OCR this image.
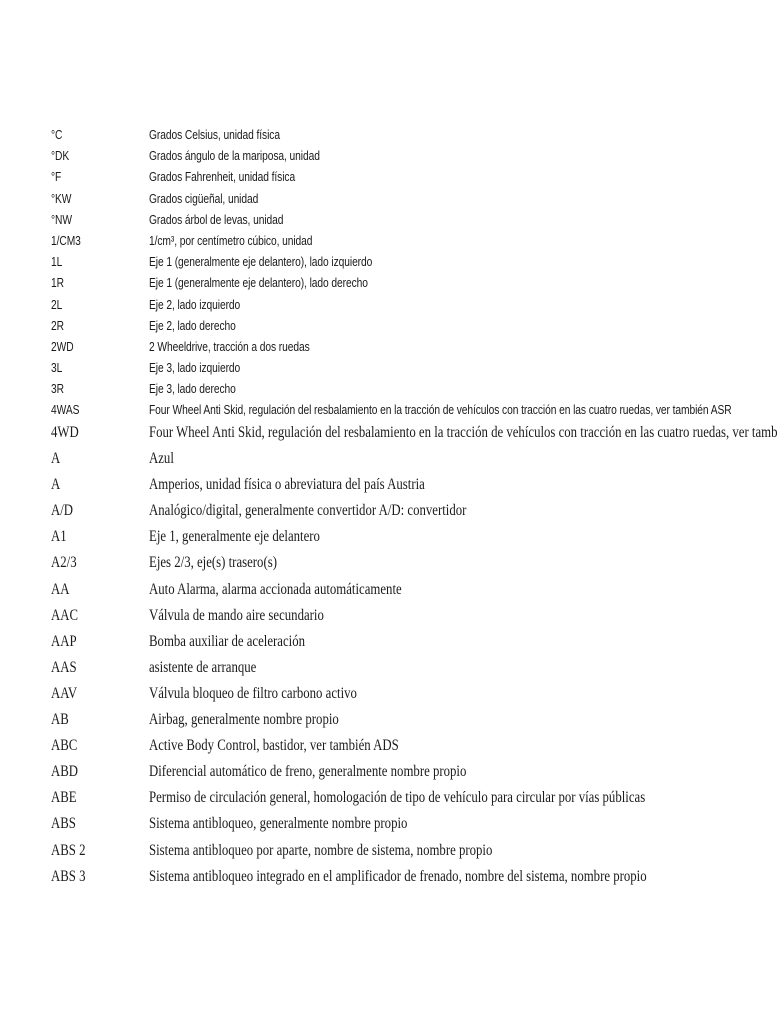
°C	Grados Celsius, unidad física
°DK	Grados ángulo de la mariposa, unidad
°F	Grados Fahrenheit, unidad física
°KW	Grados cigüeñal, unidad
°NW	Grados árbol de levas, unidad
1/CM3	1/cm³, por centímetro cúbico, unidad
1L	Eje 1 (generalmente eje delantero), lado izquierdo
1R	Eje 1 (generalmente eje delantero), lado derecho
2L	Eje 2, lado izquierdo
2R	Eje 2, lado derecho
2WD	2 Wheeldrive, tracción a dos ruedas
3L	Eje 3, lado izquierdo
3R	Eje 3, lado derecho
4WAS	Four Wheel Anti Skid, regulación del resbalamiento en la tracción de vehículos con tracción en las cuatro ruedas, ver también ASR
4WD	Four Wheel Anti Skid, regulación del resbalamiento en la tracción de vehículos con tracción en las cuatro ruedas, ver tamb
A	Azul
A	Amperios, unidad física o abreviatura del país Austria
A/D	Analógico/digital, generalmente convertidor A/D: convertidor
A1	Eje 1, generalmente eje delantero
A2/3	Ejes 2/3, eje(s) trasero(s)
AA	Auto Alarma, alarma accionada automáticamente
AAC	Válvula de mando aire secundario
AAP	Bomba auxiliar de aceleración
AAS	asistente de arranque
AAV	Válvula bloqueo de filtro carbono activo
AB	Airbag, generalmente nombre propio
ABC	Active Body Control, bastidor, ver también ADS
ABD	Diferencial automático de freno, generalmente nombre propio
ABE	Permiso de circulación general, homologación de tipo de vehículo para circular por vías públicas
ABS	Sistema antibloqueo, generalmente nombre propio
ABS 2	Sistema antibloqueo por aparte, nombre de sistema, nombre propio
ABS 3	Sistema antibloqueo integrado en el amplificador de frenado, nombre del sistema, nombre propio
